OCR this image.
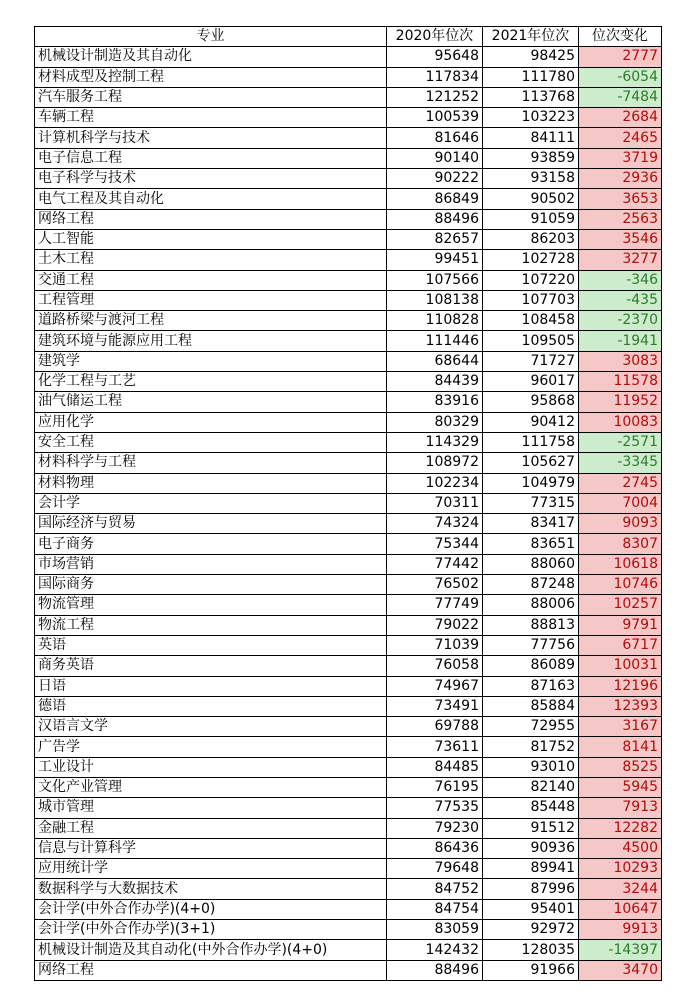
专业	2020年位次	2021年位次	位次变化
机械设计制造及其自动化	95648	98425	2777
材料成型及控制工程	117834	111780	-6054
汽车服务工程	121252	113768	-7484
车辆工程	100539	103223	2684
计算机科学与技术	81646	84111	2465
电子信息工程	90140	93859	3719
电子科学与技术	90222	93158	2936
电气工程及其自动化	86849	90502	3653
网络工程	88496	91059	2563
人工智能	82657	86203	3546
土木工程	99451	102728	3277
交通工程	107566	107220	-346
工程管理	108138	107703	-435
道路桥梁与渡河工程	110828	108458	-2370
建筑环境与能源应用工程	111446	109505	-1941
建筑学	68644	71727	3083
化学工程与工艺	84439	96017	11578
油气储运工程	83916	95868	11952
应用化学	80329	90412	10083
安全工程	114329	111758	-2571
材料科学与工程	108972	105627	-3345
材料物理	102234	104979	2745
会计学	70311	77315	7004
国际经济与贸易	74324	83417	9093
电子商务	75344	83651	8307
市场营销	77442	88060	10618
国际商务	76502	87248	10746
物流管理	77749	88006	10257
物流工程	79022	88813	9791
英语	71039	77756	6717
商务英语	76058	86089	10031
日语	74967	87163	12196
德语	73491	85884	12393
汉语言文学	69788	72955	3167
广告学	73611	81752	8141
工业设计	84485	93010	8525
文化产业管理	76195	82140	5945
城市管理	77535	85448	7913
金融工程	79230	91512	12282
信息与计算科学	86436	90936	4500
应用统计学	79648	89941	10293
数据科学与大数据技术	84752	87996	3244
会计学(中外合作办学)(4+0)	84754	95401	10647
会计学(中外合作办学)(3+1)	83059	92972	9913
机械设计制造及其自动化(中外合作办学)(4+0)	142432	128035	-14397
网络工程	88496	91966	3470
